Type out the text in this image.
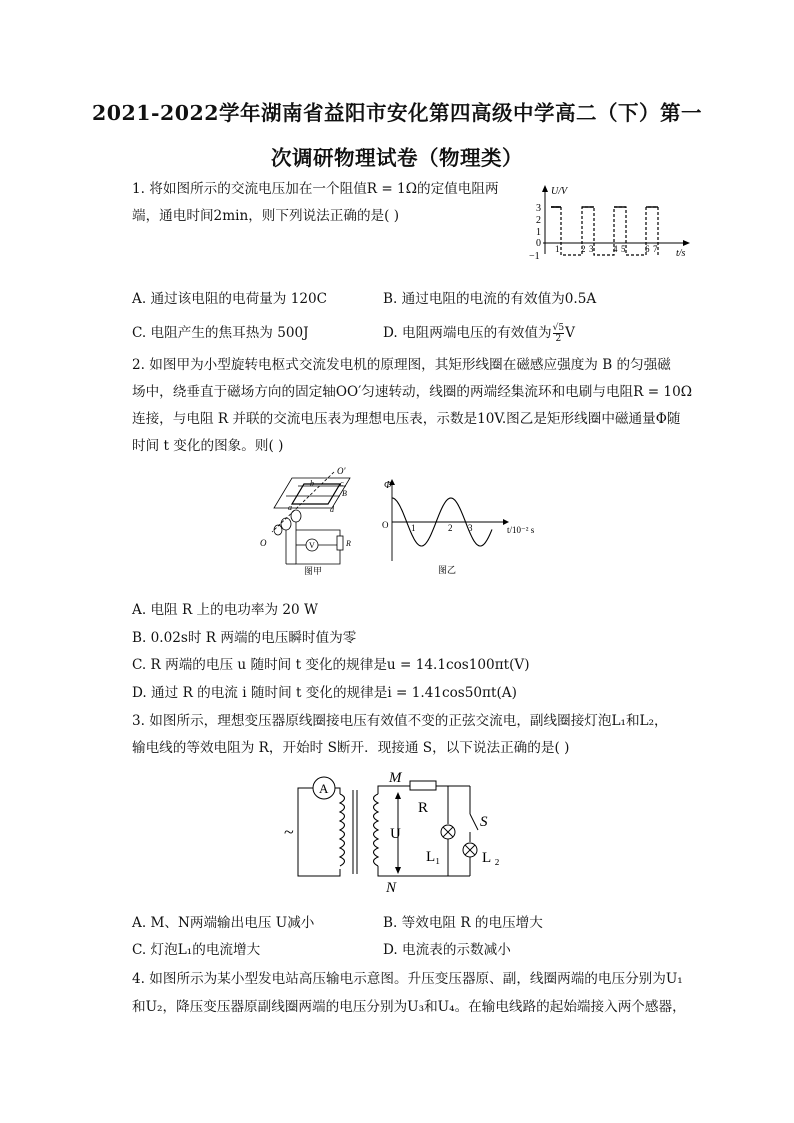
2021-2022学年湖南省益阳市安化第四高级中学高二（下）第一
次调研物理试卷（物理类）
1. 将如图所示的交流电压加在一个阻值R = 1Ω的定值电阻两
端，通电时间2min，则下列说法正确的是( )
U/V
t/s
3
2
1
0
−1
1 2 3 4 5 6 7
A. 通过该电阻的电荷量为 120C	B. 通过电阻的电流的有效值为0.5A
C. 电阻产生的焦耳热为 500J	D. 电阻两端电压的有效值为 $\frac{√5}{2}$ V
2. 如图甲为小型旋转电枢式交流发电机的原理图，其矩形线圈在磁感应强度为 B 的匀强磁
场中，绕垂直于磁场方向的固定轴OO′匀速转动，线圈的两端经集流环和电刷与电阻R = 10Ω
连接，与电阻 R 并联的交流电压表为理想电压表，示数是10V.图乙是矩形线圈中磁通量Φ随
时间 t 变化的图象。则( )
O'
b	c
B
a	d
V	R
O
图甲
Φ
O	t/10⁻² s
1	2 3
图乙
A. 电阻 R 上的电功率为 20 W
B. 0.02s时 R 两端的电压瞬时值为零
C. R 两端的电压 u 随时间 t 变化的规律是u = 14.1cos100πt(V)
D. 通过 R 的电流 i 随时间 t 变化的规律是i = 1.41cos50πt(A)
3. 如图所示，理想变压器原线圈接电压有效值不变的正弦交流电，副线圈接灯泡L₁和L₂，
输电线的等效电阻为 R，开始时 S断开．现接通 S，以下说法正确的是( )
A
~
M
N
U
R
L₁
S
L ₂
A. M、N两端输出电压 U减小	B. 等效电阻 R 的电压增大
C. 灯泡L₁的电流增大	D. 电流表的示数减小
4. 如图所示为某小型发电站高压输电示意图。升压变压器原、副，线圈两端的电压分别为U₁
和U₂，降压变压器原副线圈两端的电压分别为U₃和U₄。在输电线路的起始端接入两个感器，
